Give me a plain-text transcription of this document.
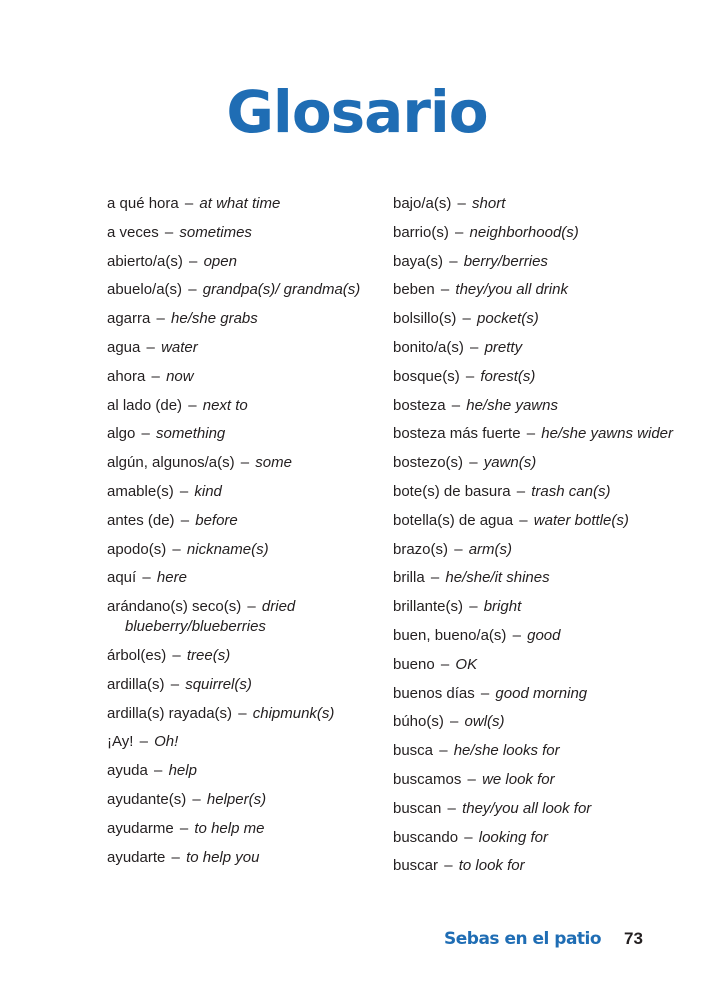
Glosario

a qué hora – at what time

a veces – sometimes

abierto/a(s) – open

abuelo/a(s) – grandpa(s)/ grandma(s)

agarra – he/she grabs

agua – water

ahora – now

al lado (de) – next to

algo – something

algún, algunos/a(s) – some

amable(s) – kind

antes (de) – before

apodo(s) – nickname(s)

aquí – here

arándano(s) seco(s) – dried blueberry/blueberries

árbol(es) – tree(s)

ardilla(s) – squirrel(s)

ardilla(s) rayada(s) – chipmunk(s)

¡Ay! – Oh!

ayuda – help

ayudante(s) – helper(s)

ayudarme – to help me

ayudarte – to help you

bajo/a(s) – short

barrio(s) – neighborhood(s)

baya(s) – berry/berries

beben – they/you all drink

bolsillo(s) – pocket(s)

bonito/a(s) – pretty

bosque(s) – forest(s)

bosteza – he/she yawns

bosteza más fuerte – he/she yawns wider

bostezo(s) – yawn(s)

bote(s) de basura – trash can(s)

botella(s) de agua – water bottle(s)

brazo(s) – arm(s)

brilla – he/she/it shines

brillante(s) – bright

buen, bueno/a(s) – good

bueno – OK

buenos días – good morning

búho(s) – owl(s)

busca – he/she looks for

buscamos – we look for

buscan – they/you all look for

buscando – looking for

buscar – to look for

Sebas en el patio 73
